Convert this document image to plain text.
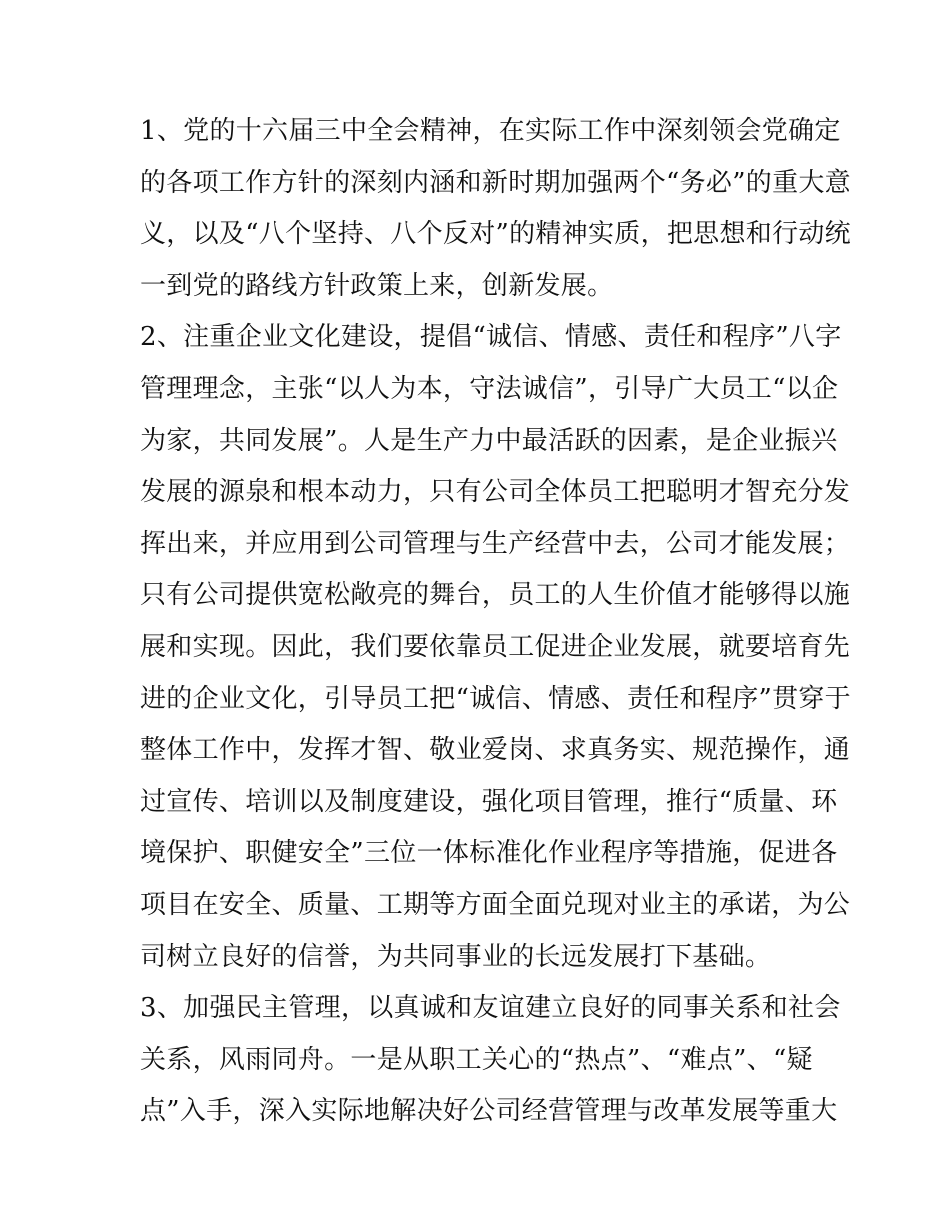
1、党的十六届三中全会精神，在实际工作中深刻领会党确定
的各项工作方针的深刻内涵和新时期加强两个“务必”的重大意
义，以及“八个坚持、八个反对”的精神实质，把思想和行动统
一到党的路线方针政策上来，创新发展。
2、注重企业文化建设，提倡“诚信、情感、责任和程序”八字
管理理念，主张“以人为本，守法诚信”，引导广大员工“以企
为家，共同发展”。人是生产力中最活跃的因素，是企业振兴
发展的源泉和根本动力，只有公司全体员工把聪明才智充分发
挥出来，并应用到公司管理与生产经营中去，公司才能发展；
只有公司提供宽松敞亮的舞台，员工的人生价值才能够得以施
展和实现。因此，我们要依靠员工促进企业发展，就要培育先
进的企业文化，引导员工把“诚信、情感、责任和程序”贯穿于
整体工作中，发挥才智、敬业爱岗、求真务实、规范操作，通
过宣传、培训以及制度建设，强化项目管理，推行“质量、环
境保护、职健安全”三位一体标准化作业程序等措施，促进各
项目在安全、质量、工期等方面全面兑现对业主的承诺，为公
司树立良好的信誉，为共同事业的长远发展打下基础。
3、加强民主管理，以真诚和友谊建立良好的同事关系和社会
关系，风雨同舟。一是从职工关心的“热点”、“难点”、“疑
点”入手，深入实际地解决好公司经营管理与改革发展等重大
